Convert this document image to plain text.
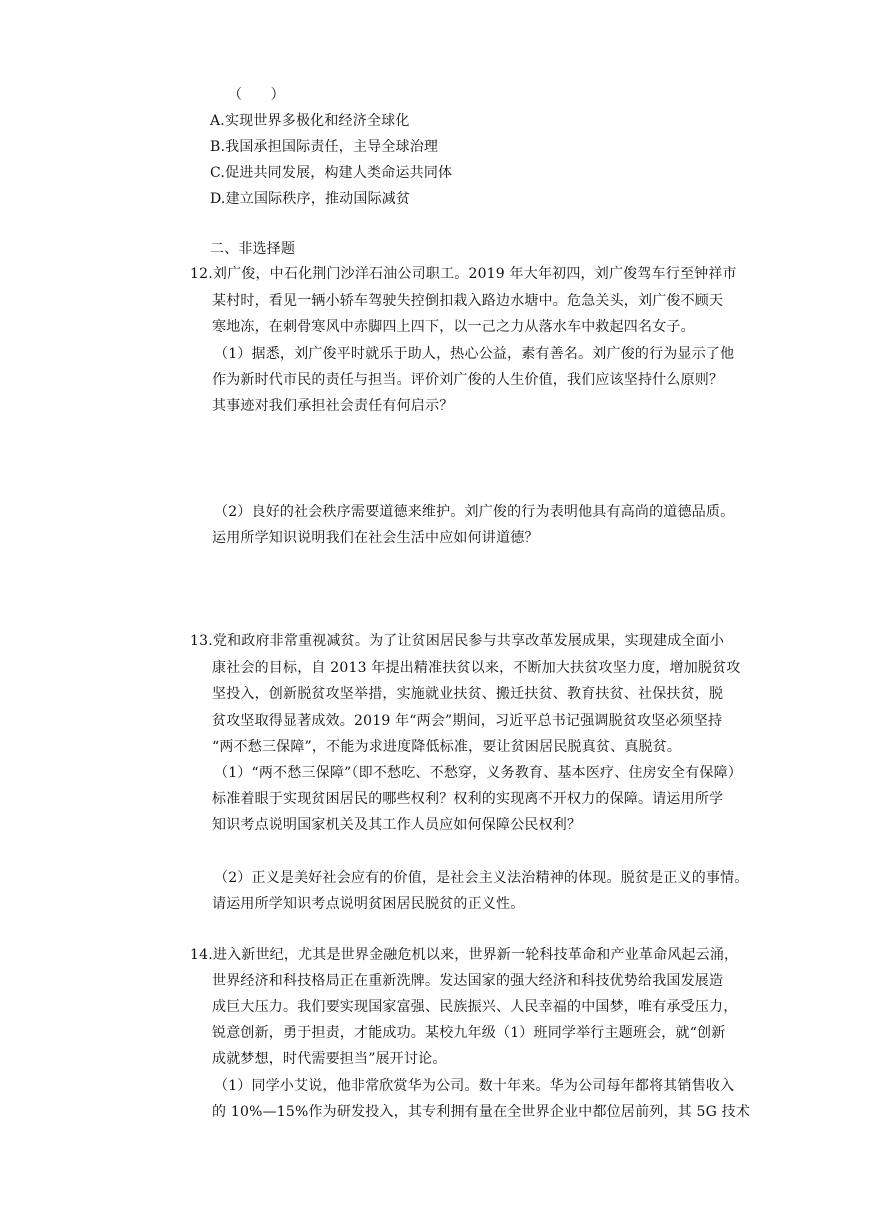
（　　）
A.实现世界多极化和经济全球化
B.我国承担国际责任，主导全球治理
C.促进共同发展，构建人类命运共同体
D.建立国际秩序，推动国际减贫
二、非选择题
12.刘广俊，中石化荆门沙洋石油公司职工。2019 年大年初四，刘广俊驾车行至钟祥市
某村时，看见一辆小轿车驾驶失控倒扣栽入路边水塘中。危急关头，刘广俊不顾天
寒地冻，在刺骨寒风中赤脚四上四下，以一己之力从落水车中救起四名女子。
（1）据悉，刘广俊平时就乐于助人，热心公益，素有善名。刘广俊的行为显示了他
作为新时代市民的责任与担当。评价刘广俊的人生价值，我们应该坚持什么原则？
其事迹对我们承担社会责任有何启示？
（2）良好的社会秩序需要道德来维护。刘广俊的行为表明他具有高尚的道德品质。
运用所学知识说明我们在社会生活中应如何讲道德？
13.党和政府非常重视减贫。为了让贫困居民参与共享改革发展成果，实现建成全面小
康社会的目标，自 2013 年提出精准扶贫以来，不断加大扶贫攻坚力度，增加脱贫攻
坚投入，创新脱贫攻坚举措，实施就业扶贫、搬迁扶贫、教育扶贫、社保扶贫，脱
贫攻坚取得显著成效。2019 年“两会”期间，习近平总书记强调脱贫攻坚必须坚持
“两不愁三保障”，不能为求进度降低标准，要让贫困居民脱真贫、真脱贫。
（1）“两不愁三保障”（即不愁吃、不愁穿，义务教育、基本医疗、住房安全有保障）
标准着眼于实现贫困居民的哪些权利？权利的实现离不开权力的保障。请运用所学
知识考点说明国家机关及其工作人员应如何保障公民权利？
（2）正义是美好社会应有的价值，是社会主义法治精神的体现。脱贫是正义的事情。
请运用所学知识考点说明贫困居民脱贫的正义性。
14.进入新世纪，尤其是世界金融危机以来，世界新一轮科技革命和产业革命风起云涌，
世界经济和科技格局正在重新洗牌。发达国家的强大经济和科技优势给我国发展造
成巨大压力。我们要实现国家富强、民族振兴、人民幸福的中国梦，唯有承受压力，
锐意创新，勇于担责，才能成功。某校九年级（1）班同学举行主题班会，就“创新
成就梦想，时代需要担当”展开讨论。
（1）同学小艾说，他非常欣赏华为公司。数十年来。华为公司每年都将其销售收入
的 10%—15%作为研发投入，其专利拥有量在全世界企业中都位居前列，其 5G 技术
